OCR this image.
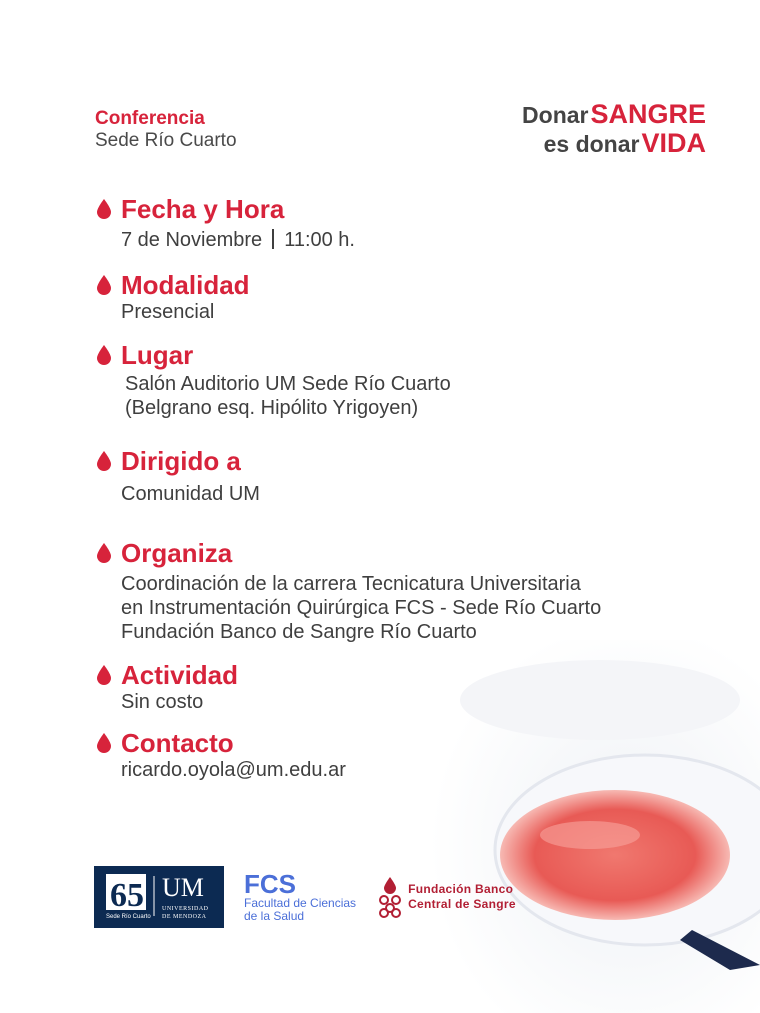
Conferencia
Sede Río Cuarto
Donar SANGRE
es donar VIDA
Fecha y Hora
7 de Noviembre 11:00 h.
Modalidad
Presencial
Lugar
Salón Auditorio UM Sede Río Cuarto
(Belgrano esq. Hipólito Yrigoyen)
Dirigido a
Comunidad UM
Organiza
Coordinación de la carrera Tecnicatura Universitaria
en Instrumentación Quirúrgica FCS - Sede Río Cuarto
Fundación Banco de Sangre Río Cuarto
Actividad
Sin costo
Contacto
ricardo.oyola@um.edu.ar
65
Sede Río Cuarto
UM
UNIVERSIDAD
DE MENDOZA
FCS
Facultad de Ciencias
de la Salud
Fundación Banco
Central de Sangre
